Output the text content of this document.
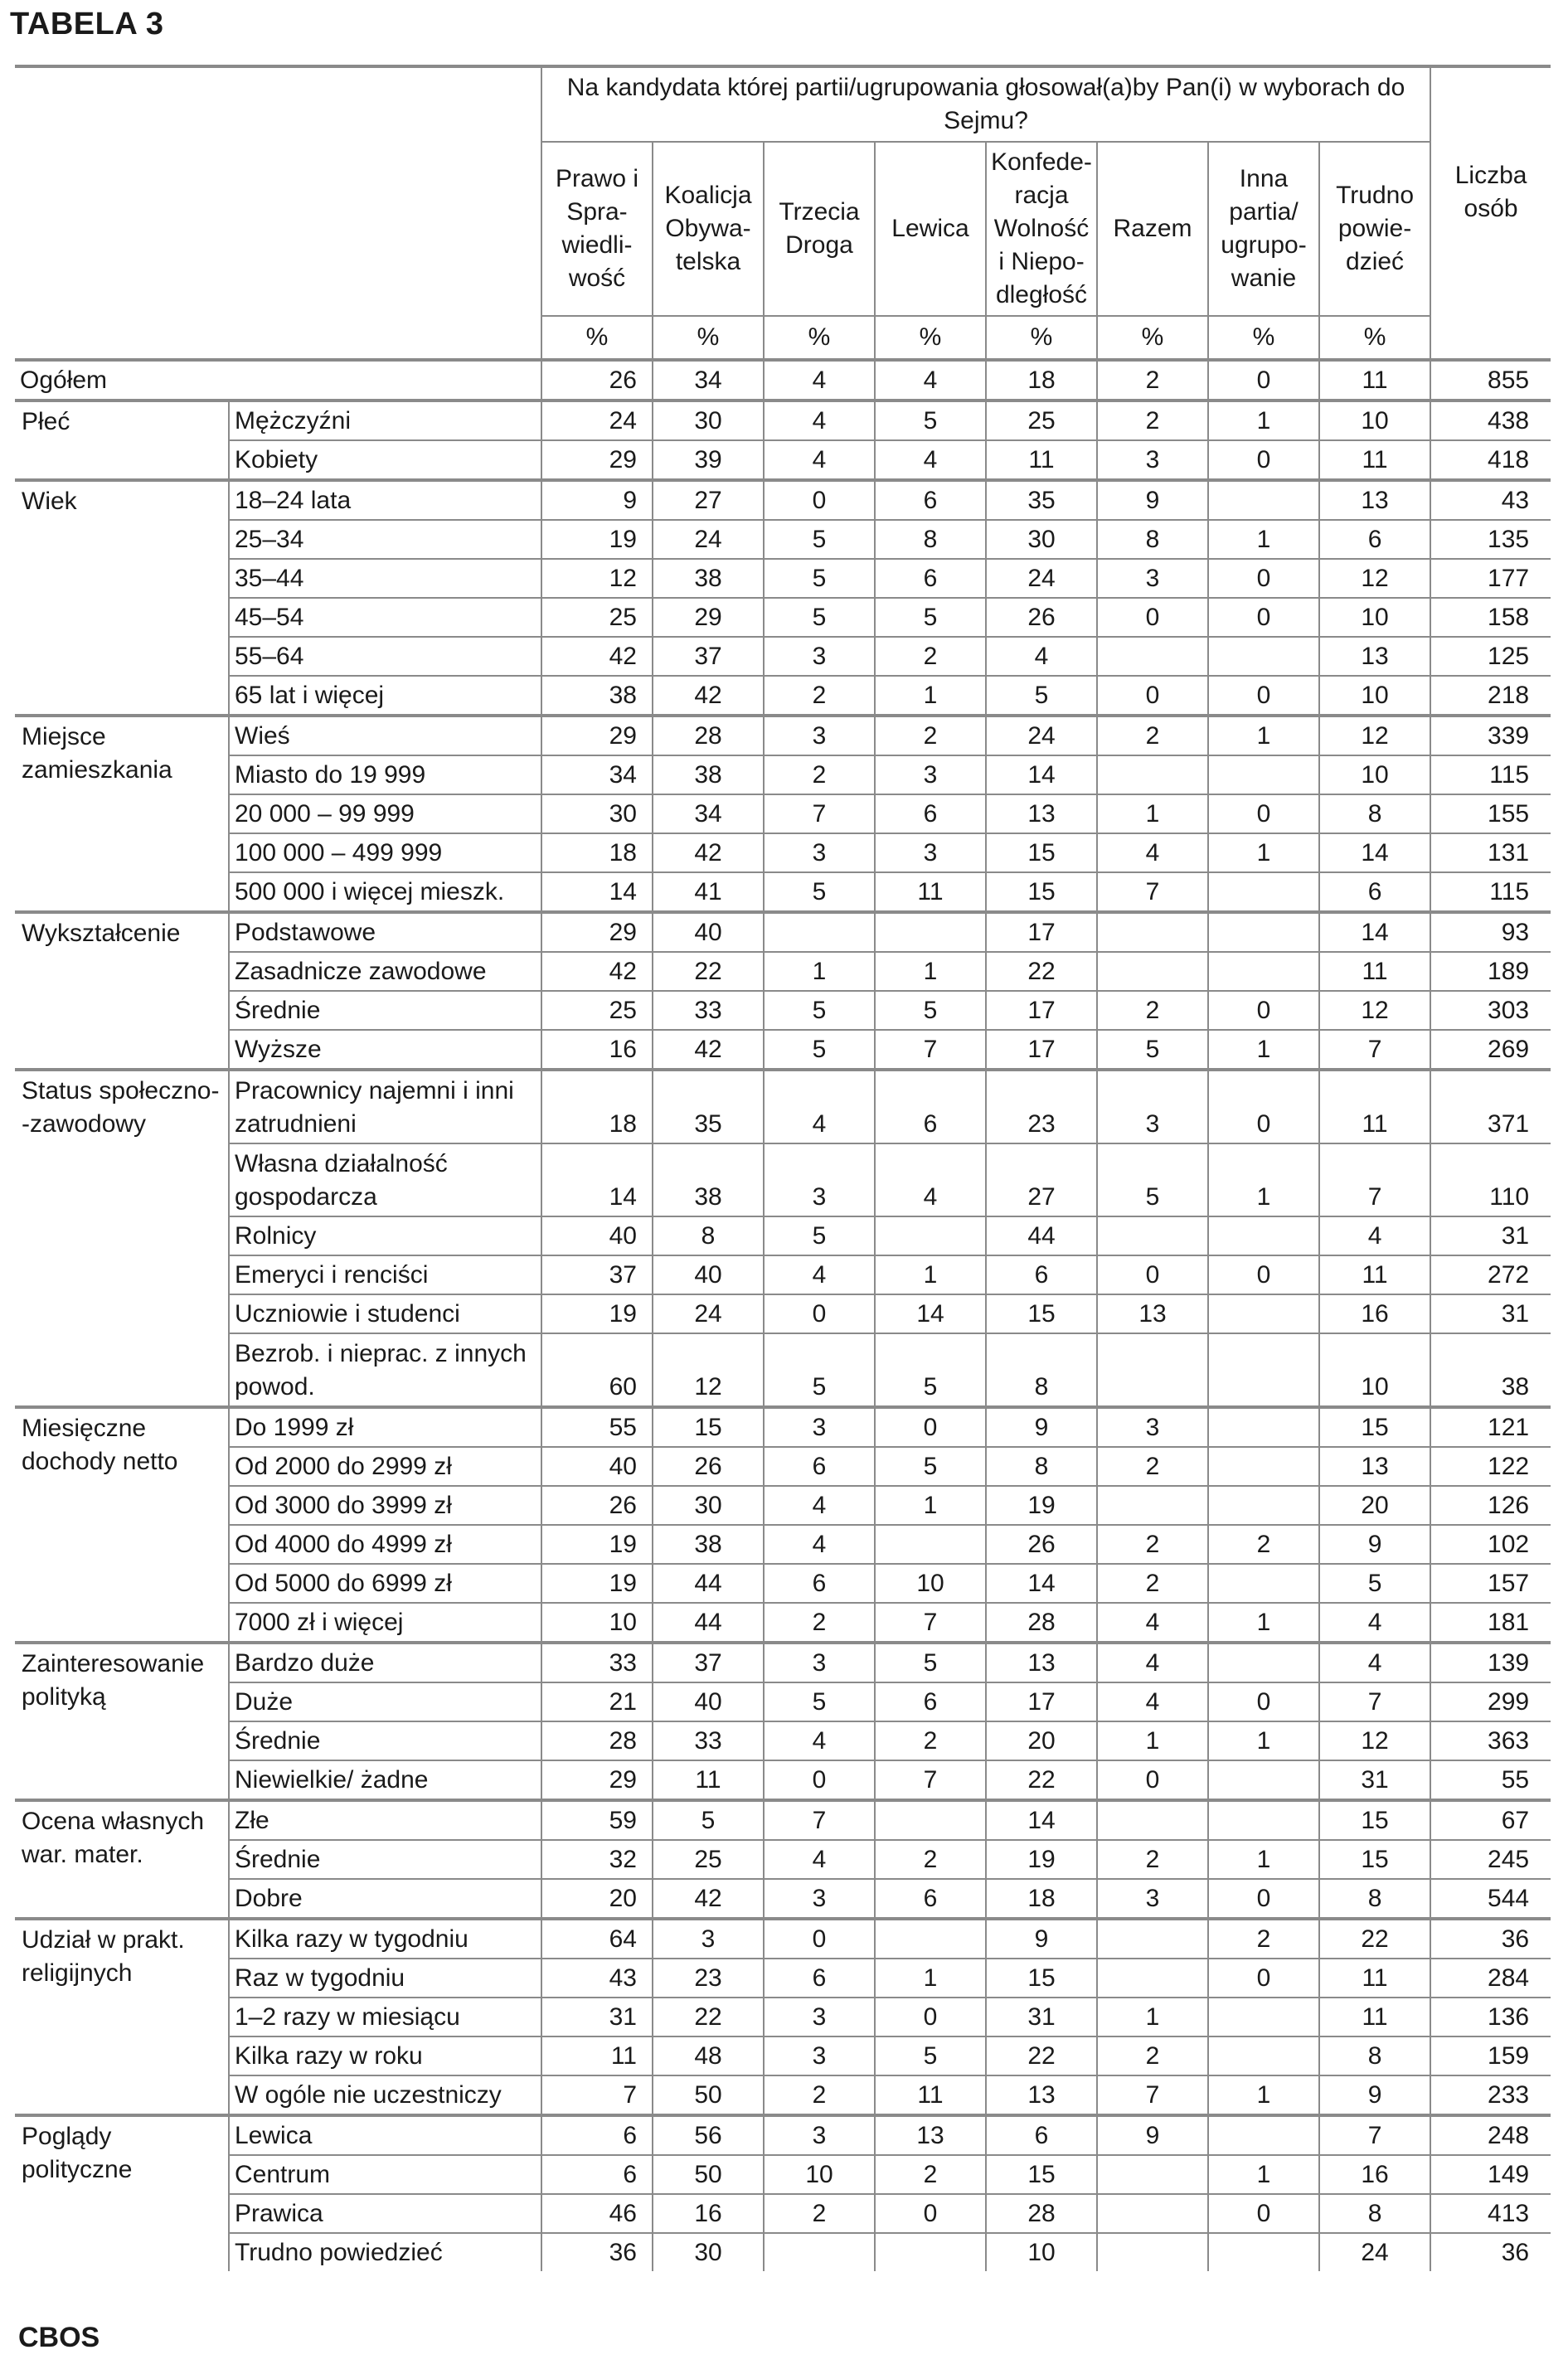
TABELA 3
		Na kandydata której partii/ugrupowania głosował(a)by Pan(i) w wyborach do Sejmu?								Liczba osób
		Prawo i Spra-wiedli-wość	Koalicja Obywa-telska	Trzecia Droga	Lewica	Konfede-racja Wolność i Niepo-dległość	Razem	Inna partia/ ugrupo-wanie	Trudno powie-dzieć	
		%	%	%	%	%	%	%	%	
Ogółem		26	34	4	4	18	2	0	11	855
Płeć	Mężczyźni	24	30	4	5	25	2	1	10	438
	Kobiety	29	39	4	4	11	3	0	11	418
Wiek	18–24 lata	9	27	0	6	35	9		13	43
	25–34	19	24	5	8	30	8	1	6	135
	35–44	12	38	5	6	24	3	0	12	177
	45–54	25	29	5	5	26	0	0	10	158
	55–64	42	37	3	2	4			13	125
	65 lat i więcej	38	42	2	1	5	0	0	10	218
Miejsce zamieszkania	Wieś	29	28	3	2	24	2	1	12	339
	Miasto do 19 999	34	38	2	3	14			10	115
	20 000 – 99 999	30	34	7	6	13	1	0	8	155
	100 000 – 499 999	18	42	3	3	15	4	1	14	131
	500 000 i więcej mieszk.	14	41	5	11	15	7		6	115
Wykształcenie	Podstawowe	29	40			17			14	93
	Zasadnicze zawodowe	42	22	1	1	22			11	189
	Średnie	25	33	5	5	17	2	0	12	303
	Wyższe	16	42	5	7	17	5	1	7	269
Status społeczno- -zawodowy	Pracownicy najemni i inni zatrudnieni	18	35	4	6	23	3	0	11	371
	Własna działalność gospodarcza	14	38	3	4	27	5	1	7	110
	Rolnicy	40	8	5		44			4	31
	Emeryci i renciści	37	40	4	1	6	0	0	11	272
	Uczniowie i studenci	19	24	0	14	15	13		16	31
	Bezrob. i nieprac. z innych powod.	60	12	5	5	8			10	38
Miesięczne dochody netto	Do 1999 zł	55	15	3	0	9	3		15	121
	Od 2000 do 2999 zł	40	26	6	5	8	2		13	122
	Od 3000 do 3999 zł	26	30	4	1	19			20	126
	Od 4000 do 4999 zł	19	38	4		26	2	2	9	102
	Od 5000 do 6999 zł	19	44	6	10	14	2		5	157
	7000 zł i więcej	10	44	2	7	28	4	1	4	181
Zainteresowanie polityką	Bardzo duże	33	37	3	5	13	4		4	139
	Duże	21	40	5	6	17	4	0	7	299
	Średnie	28	33	4	2	20	1	1	12	363
	Niewielkie/ żadne	29	11	0	7	22	0		31	55
Ocena własnych war. mater.	Złe	59	5	7		14			15	67
	Średnie	32	25	4	2	19	2	1	15	245
	Dobre	20	42	3	6	18	3	0	8	544
Udział w prakt. religijnych	Kilka razy w tygodniu	64	3	0		9		2	22	36
	Raz w tygodniu	43	23	6	1	15		0	11	284
	1–2 razy w miesiącu	31	22	3	0	31	1		11	136
	Kilka razy w roku	11	48	3	5	22	2		8	159
	W ogóle nie uczestniczy	7	50	2	11	13	7	1	9	233
Poglądy polityczne	Lewica	6	56	3	13	6	9		7	248
	Centrum	6	50	10	2	15		1	16	149
	Prawica	46	16	2	0	28		0	8	413
	Trudno powiedzieć	36	30			10			24	36
CBOS
